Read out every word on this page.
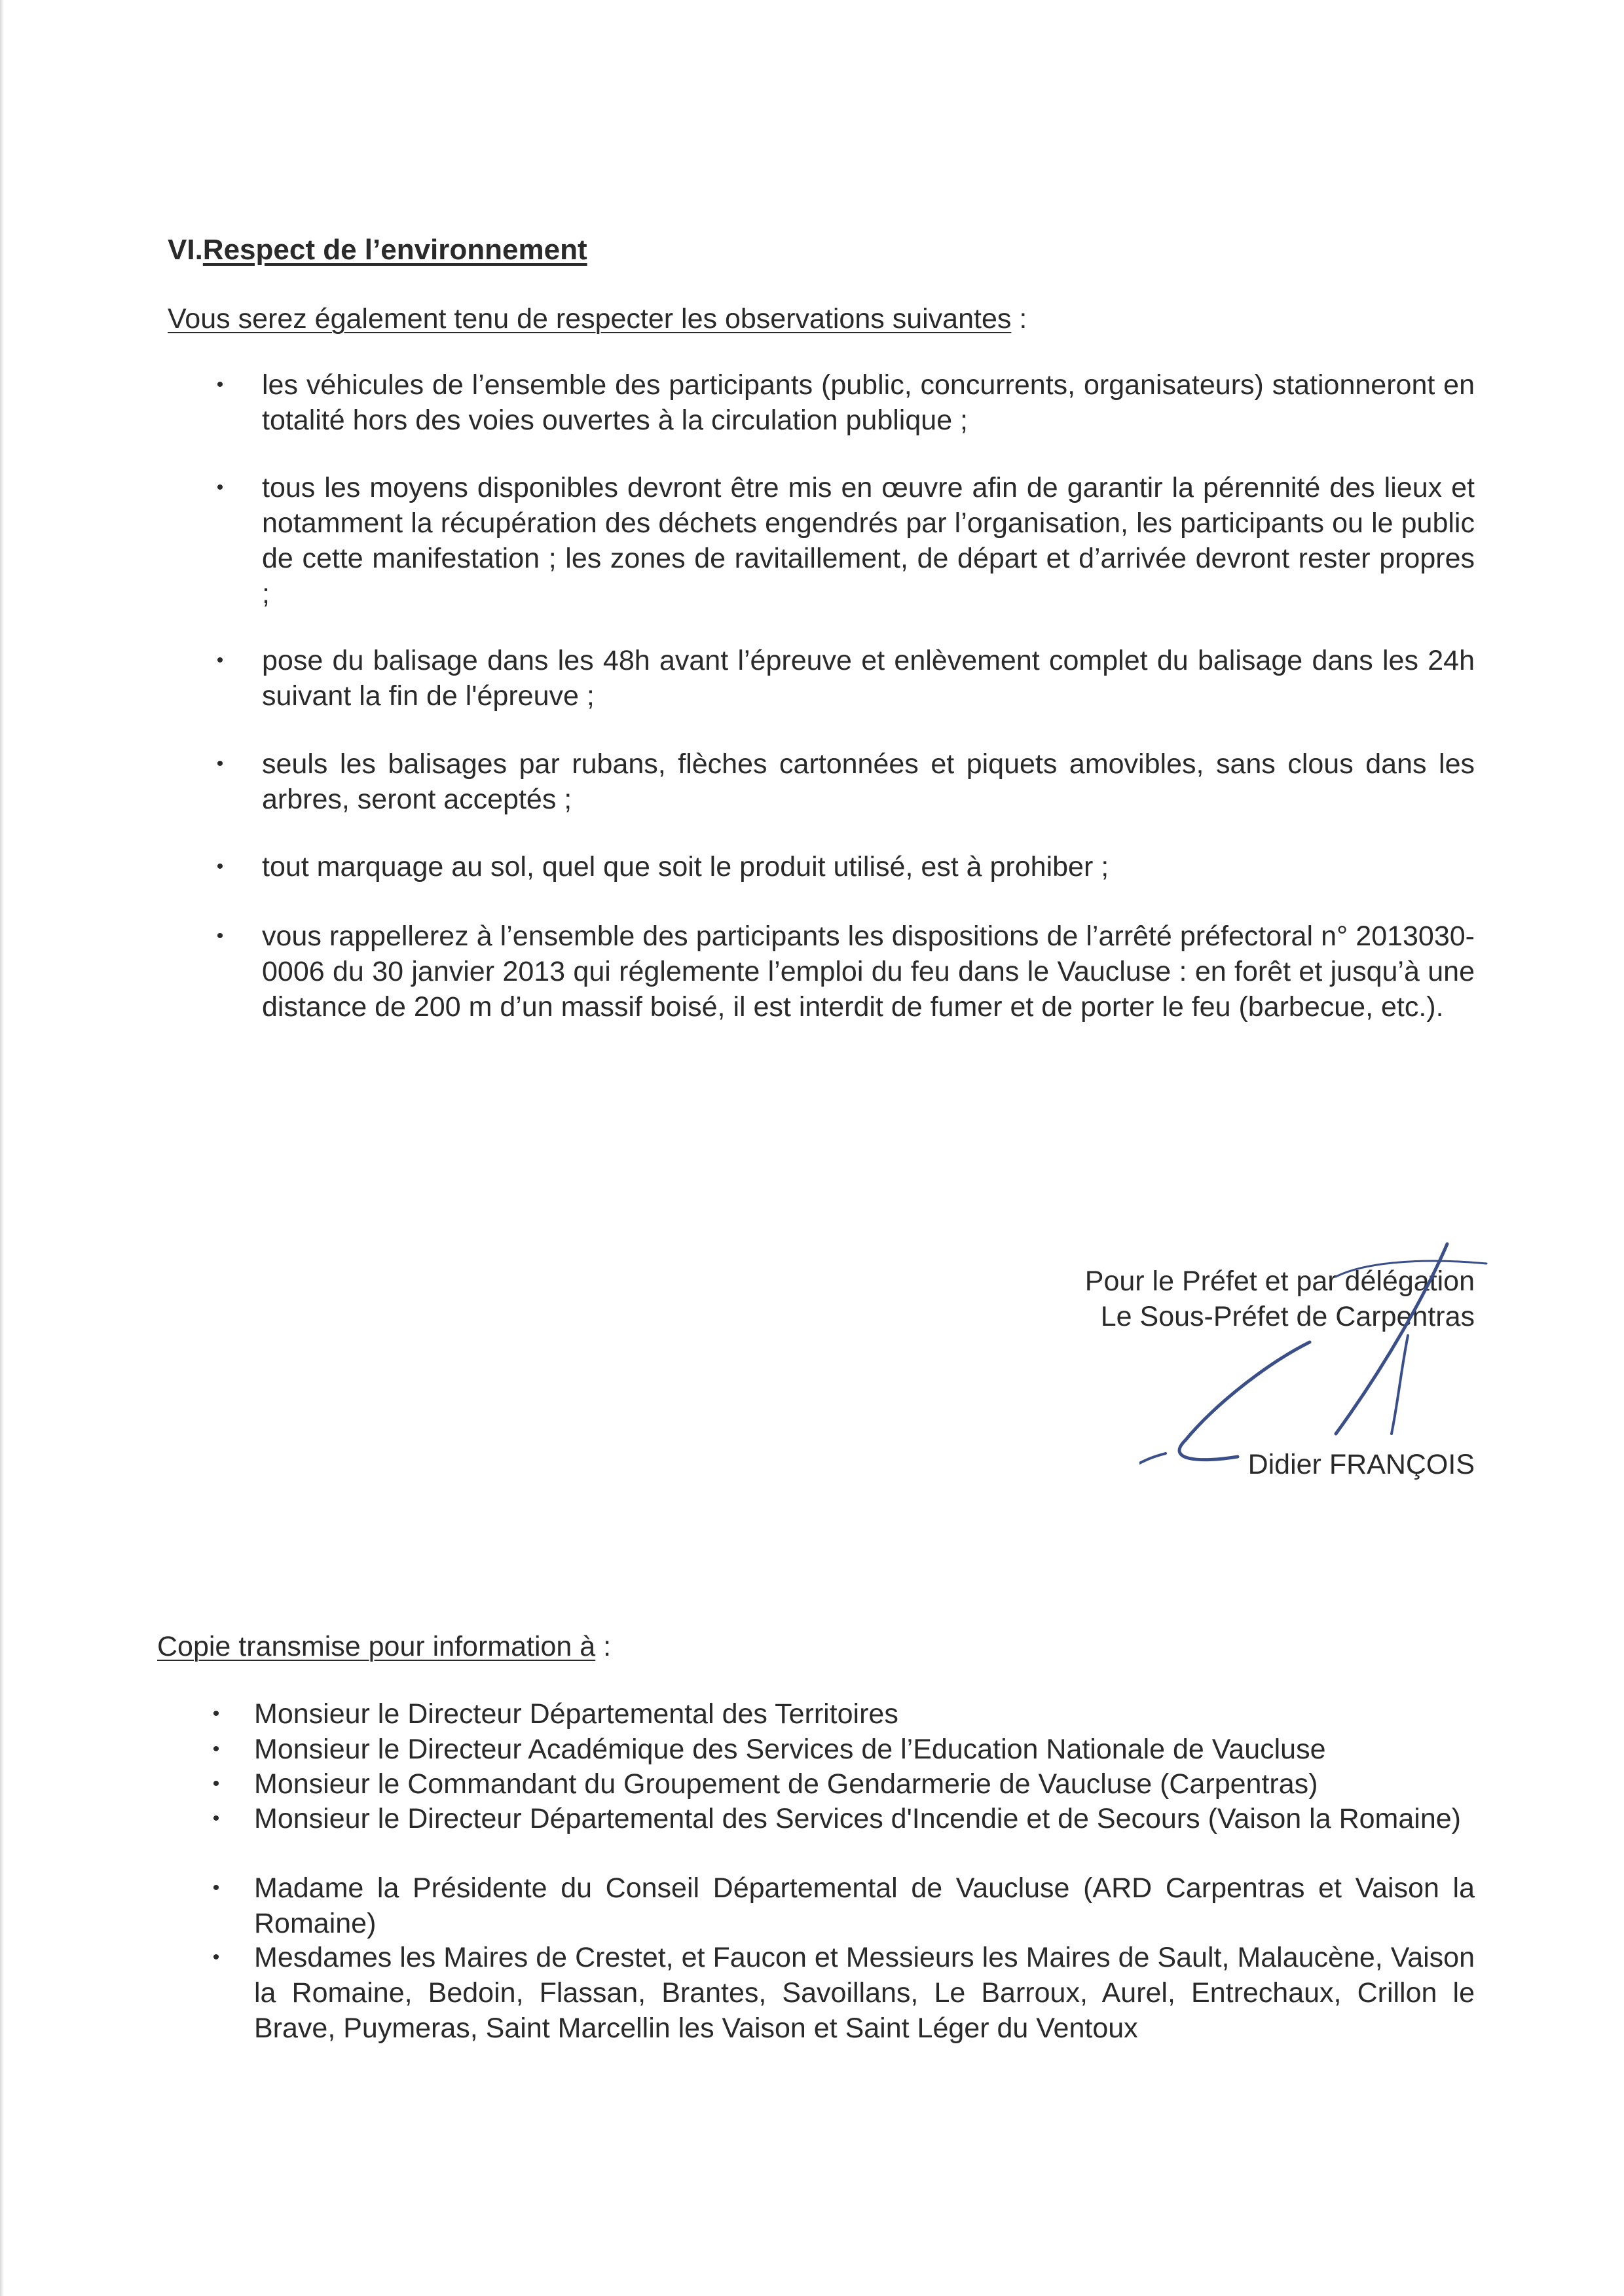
VI.Respect de l’environnement
Vous serez également tenu de respecter les observations suivantes :
• les véhicules de l’ensemble des participants (public, concurrents, organisateurs) stationneront en totalité hors des voies ouvertes à la circulation publique ;
• tous les moyens disponibles devront être mis en œuvre afin de garantir la pérennité des lieux et notamment la récupération des déchets engendrés par l’organisation, les participants ou le public de cette manifestation ; les zones de ravitaillement, de départ et d’arrivée devront rester propres ;
• pose du balisage dans les 48h avant l’épreuve et enlèvement complet du balisage dans les 24h suivant la fin de l'épreuve ;
• seuls les balisages par rubans, flèches cartonnées et piquets amovibles, sans clous dans les arbres, seront acceptés ;
• tout marquage au sol, quel que soit le produit utilisé, est à prohiber ;
• vous rappellerez à l’ensemble des participants les dispositions de l’arrêté préfectoral n° 2013030-0006 du 30 janvier 2013 qui réglemente l’emploi du feu dans le Vaucluse : en forêt et jusqu’à une distance de 200 m d’un massif boisé, il est interdit de fumer et de porter le feu (barbecue, etc.).
Pour le Préfet et par délégation
Le Sous-Préfet de Carpentras
Didier FRANÇOIS
Copie transmise pour information à :
• Monsieur le Directeur Départemental des Territoires
• Monsieur le Directeur Académique des Services de l’Education Nationale de Vaucluse
• Monsieur le Commandant du Groupement de Gendarmerie de Vaucluse (Carpentras)
• Monsieur le Directeur Départemental des Services d'Incendie et de Secours (Vaison la Romaine)
• Madame la Présidente du Conseil Départemental de Vaucluse (ARD Carpentras et Vaison la Romaine)
• Mesdames les Maires de Crestet, et Faucon et Messieurs les Maires de Sault, Malaucène, Vaison la Romaine, Bedoin, Flassan, Brantes, Savoillans, Le Barroux, Aurel, Entrechaux, Crillon le Brave, Puymeras, Saint Marcellin les Vaison et Saint Léger du Ventoux
